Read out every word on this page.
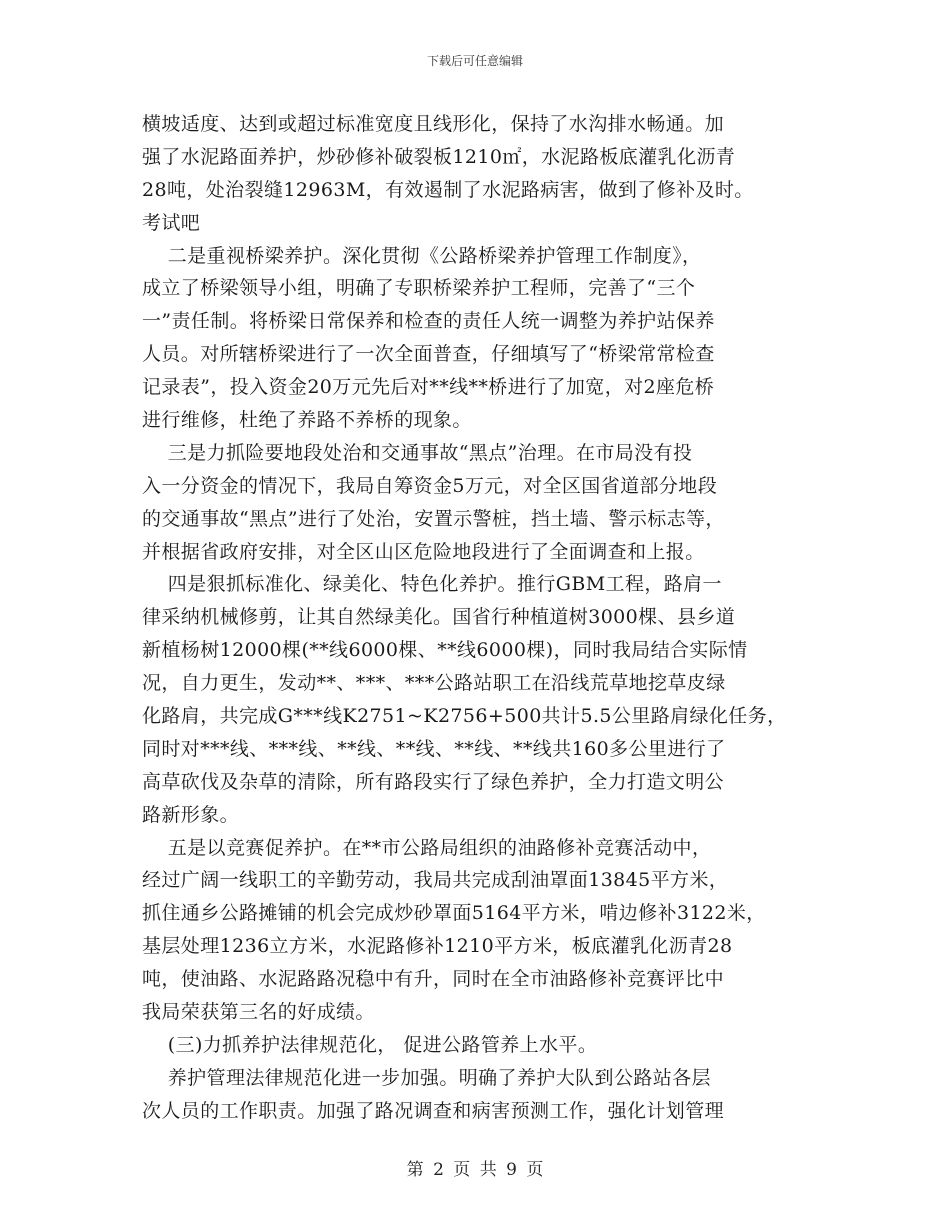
下载后可任意编辑
横坡适度、达到或超过标准宽度且线形化，保持了水沟排水畅通。加
强了水泥路面养护，炒砂修补破裂板1210㎡，水泥路板底灌乳化沥青
28吨，处治裂缝12963M，有效遏制了水泥路病害，做到了修补及时。
考试吧
二是重视桥梁养护。深化贯彻《公路桥梁养护管理工作制度》，
成立了桥梁领导小组，明确了专职桥梁养护工程师，完善了“三个
一”责任制。将桥梁日常保养和检查的责任人统一调整为养护站保养
人员。对所辖桥梁进行了一次全面普查，仔细填写了“桥梁常常检查
记录表”，投入资金20万元先后对**线**桥进行了加宽，对2座危桥
进行维修，杜绝了养路不养桥的现象。
三是力抓险要地段处治和交通事故“黑点”治理。在市局没有投
入一分资金的情况下，我局自筹资金5万元，对全区国省道部分地段
的交通事故“黑点”进行了处治，安置示警桩，挡土墙、警示标志等，
并根据省政府安排，对全区山区危险地段进行了全面调查和上报。
四是狠抓标准化、绿美化、特色化养护。推行GBM工程，路肩一
律采纳机械修剪，让其自然绿美化。国省行种植道树3000棵、县乡道
新植杨树12000棵(**线6000棵、**线6000棵)，同时我局结合实际情
况，自力更生，发动**、***、***公路站职工在沿线荒草地挖草皮绿
化路肩，共完成G***线K2751~K2756+500共计5.5公里路肩绿化任务，
同时对***线、***线、**线、**线、**线、**线共160多公里进行了
高草砍伐及杂草的清除，所有路段实行了绿色养护，全力打造文明公
路新形象。
五是以竞赛促养护。在**市公路局组织的油路修补竞赛活动中，
经过广阔一线职工的辛勤劳动，我局共完成刮油罩面13845平方米，
抓住通乡公路摊铺的机会完成炒砂罩面5164平方米，啃边修补3122米，
基层处理1236立方米，水泥路修补1210平方米，板底灌乳化沥青28
吨，使油路、水泥路路况稳中有升，同时在全市油路修补竞赛评比中
我局荣获第三名的好成绩。
(三)力抓养护法律规范化， 促进公路管养上水平。
养护管理法律规范化进一步加强。明确了养护大队到公路站各层
次人员的工作职责。加强了路况调查和病害预测工作，强化计划管理
第 2 页 共 9 页
